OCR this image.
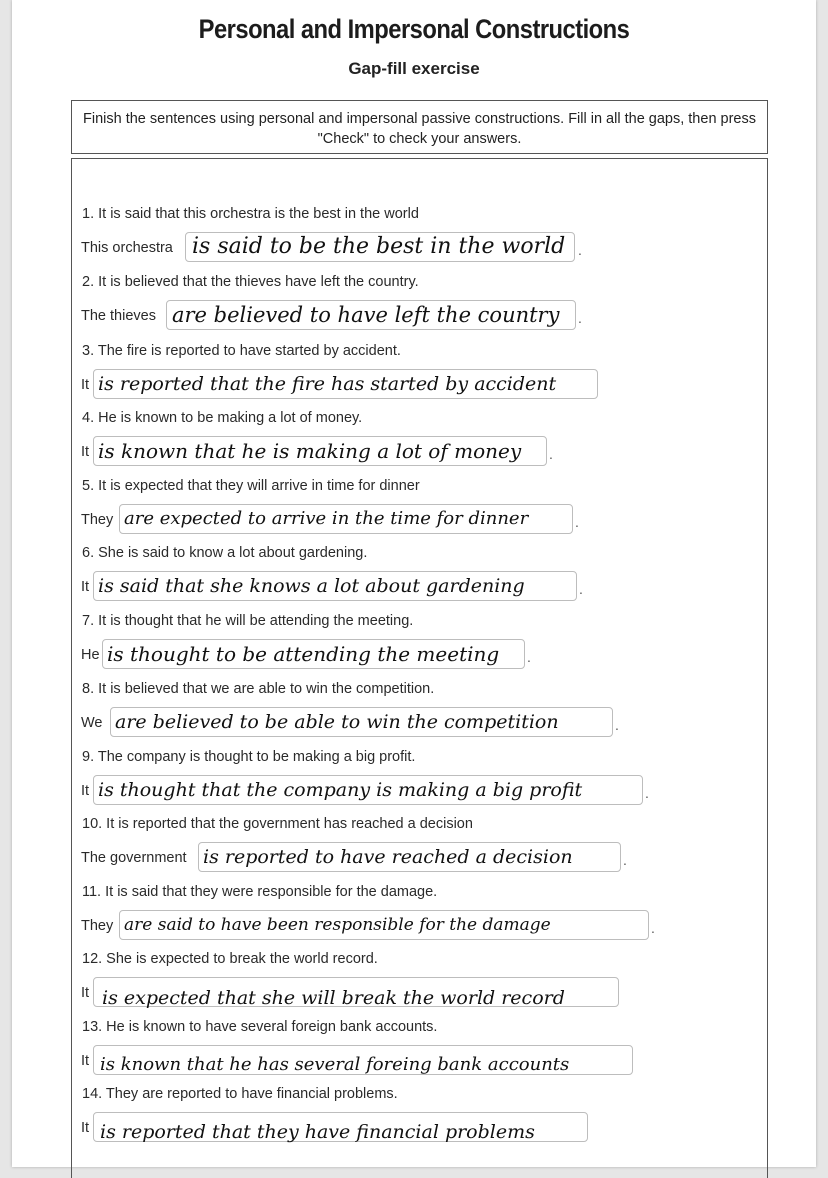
Personal and Impersonal Constructions
Gap-fill exercise
Finish the sentences using personal and impersonal passive constructions. Fill in all the gaps, then press "Check" to check your answers.
1. It is said that this orchestra is the best in the world
This orchestra is said to be the best in the world .
2. It is believed that the thieves have left the country.
The thieves are believed to have left the country .
3. The fire is reported to have started by accident.
It is reported that the fire has started by accident
4. He is known to be making a lot of money.
It is known that he is making a lot of money .
5. It is expected that they will arrive in time for dinner
They are expected to arrive in the time for dinner	.
6. She is said to know a lot about gardening.
It is said that she knows a lot about gardening	.
7. It is thought that he will be attending the meeting.
He is thought to be attending the meeting .
8. It is believed that we are able to win the competition.
We are believed to be able to win the competition	.
9. The company is thought to be making a big profit.
It is thought that the company is making a big profit	.
10. It is reported that the government has reached a decision
The government is reported to have reached a decision	.
11. It is said that they were responsible for the damage.
They are said to have been responsible for the damage	.
12. She is expected to break the world record.
It is expected that she will break the world record
13. He is known to have several foreign bank accounts.
It is known that he has several foreing bank accounts
14. They are reported to have financial problems.
It is reported that they have financial problems
